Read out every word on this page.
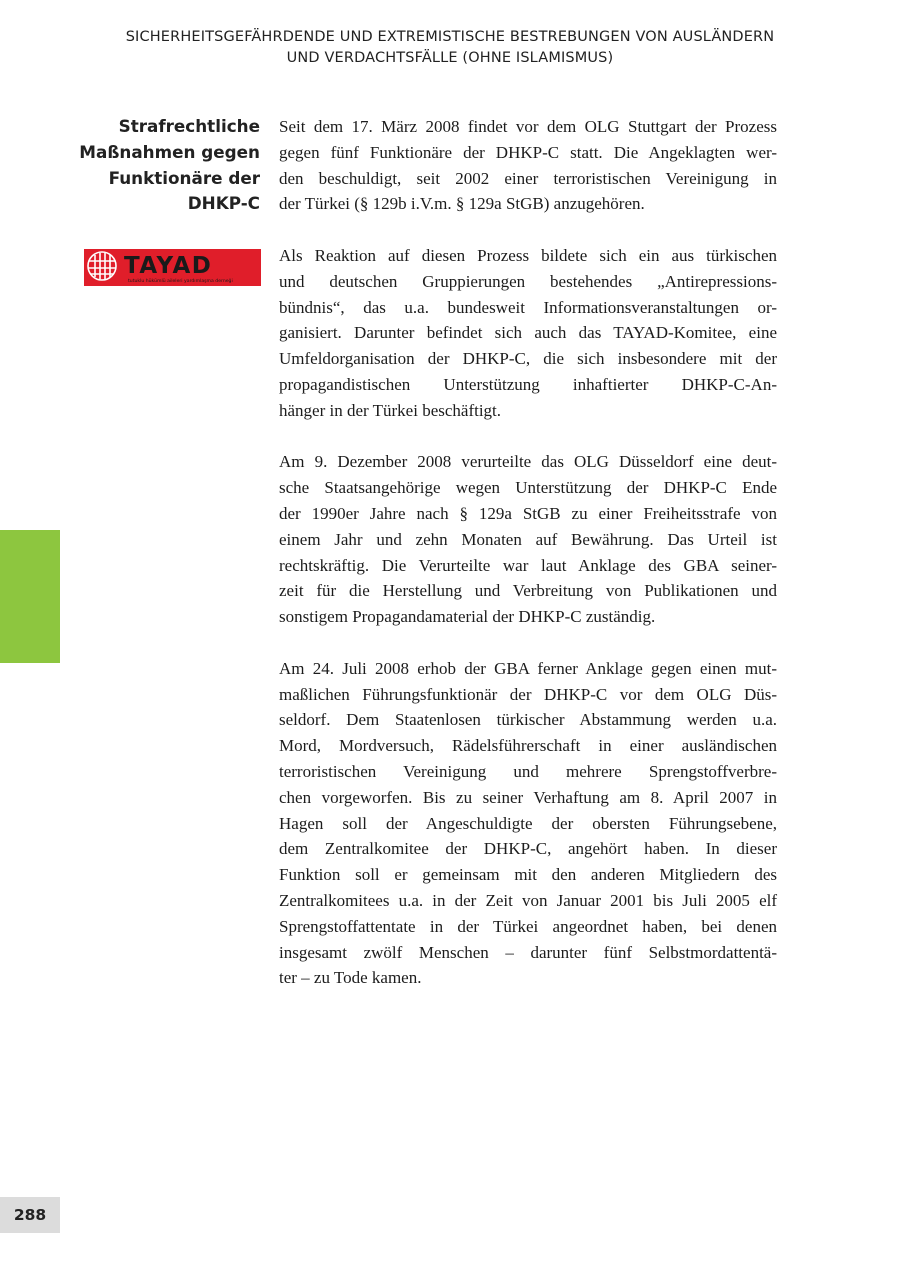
SICHERHEITSGEFÄHRDENDE UND EXTREMISTISCHE BESTREBUNGEN VON AUSLÄNDERN
UND VERDACHTSFÄLLE (OHNE ISLAMISMUS)
Strafrechtliche
Maßnahmen gegen
Funktionäre der
DHKP-C
TAYAD
tutuklu hükümlü aileleri yardımlaşma derneği
Seit dem 17. März 2008 findet vor dem OLG Stuttgart der Prozess
gegen fünf Funktionäre der DHKP-C statt. Die Angeklagten wer-
den beschuldigt, seit 2002 einer terroristischen Vereinigung in
der Türkei (§ 129b i.V.m. § 129a StGB) anzugehören.
Als Reaktion auf diesen Prozess bildete sich ein aus türkischen
und deutschen Gruppierungen bestehendes „Antirepressions-
bündnis“, das u.a. bundesweit Informationsveranstaltungen or-
ganisiert. Darunter befindet sich auch das TAYAD-Komitee, eine
Umfeldorganisation der DHKP-C, die sich insbesondere mit der
propagandistischen Unterstützung inhaftierter DHKP-C-An-
hänger in der Türkei beschäftigt.
Am 9. Dezember 2008 verurteilte das OLG Düsseldorf eine deut-
sche Staatsangehörige wegen Unterstützung der DHKP-C Ende
der 1990er Jahre nach § 129a StGB zu einer Freiheitsstrafe von
einem Jahr und zehn Monaten auf Bewährung. Das Urteil ist
rechtskräftig. Die Verurteilte war laut Anklage des GBA seiner-
zeit für die Herstellung und Verbreitung von Publikationen und
sonstigem Propagandamaterial der DHKP-C zuständig.
Am 24. Juli 2008 erhob der GBA ferner Anklage gegen einen mut-
maßlichen Führungsfunktionär der DHKP-C vor dem OLG Düs-
seldorf. Dem Staatenlosen türkischer Abstammung werden u.a.
Mord, Mordversuch, Rädelsführerschaft in einer ausländischen
terroristischen Vereinigung und mehrere Sprengstoffverbre-
chen vorgeworfen. Bis zu seiner Verhaftung am 8. April 2007 in
Hagen soll der Angeschuldigte der obersten Führungsebene,
dem Zentralkomitee der DHKP-C, angehört haben. In dieser
Funktion soll er gemeinsam mit den anderen Mitgliedern des
Zentralkomitees u.a. in der Zeit von Januar 2001 bis Juli 2005 elf
Sprengstoffattentate in der Türkei angeordnet haben, bei denen
insgesamt zwölf Menschen – darunter fünf Selbstmordattentä-
ter – zu Tode kamen.
288
